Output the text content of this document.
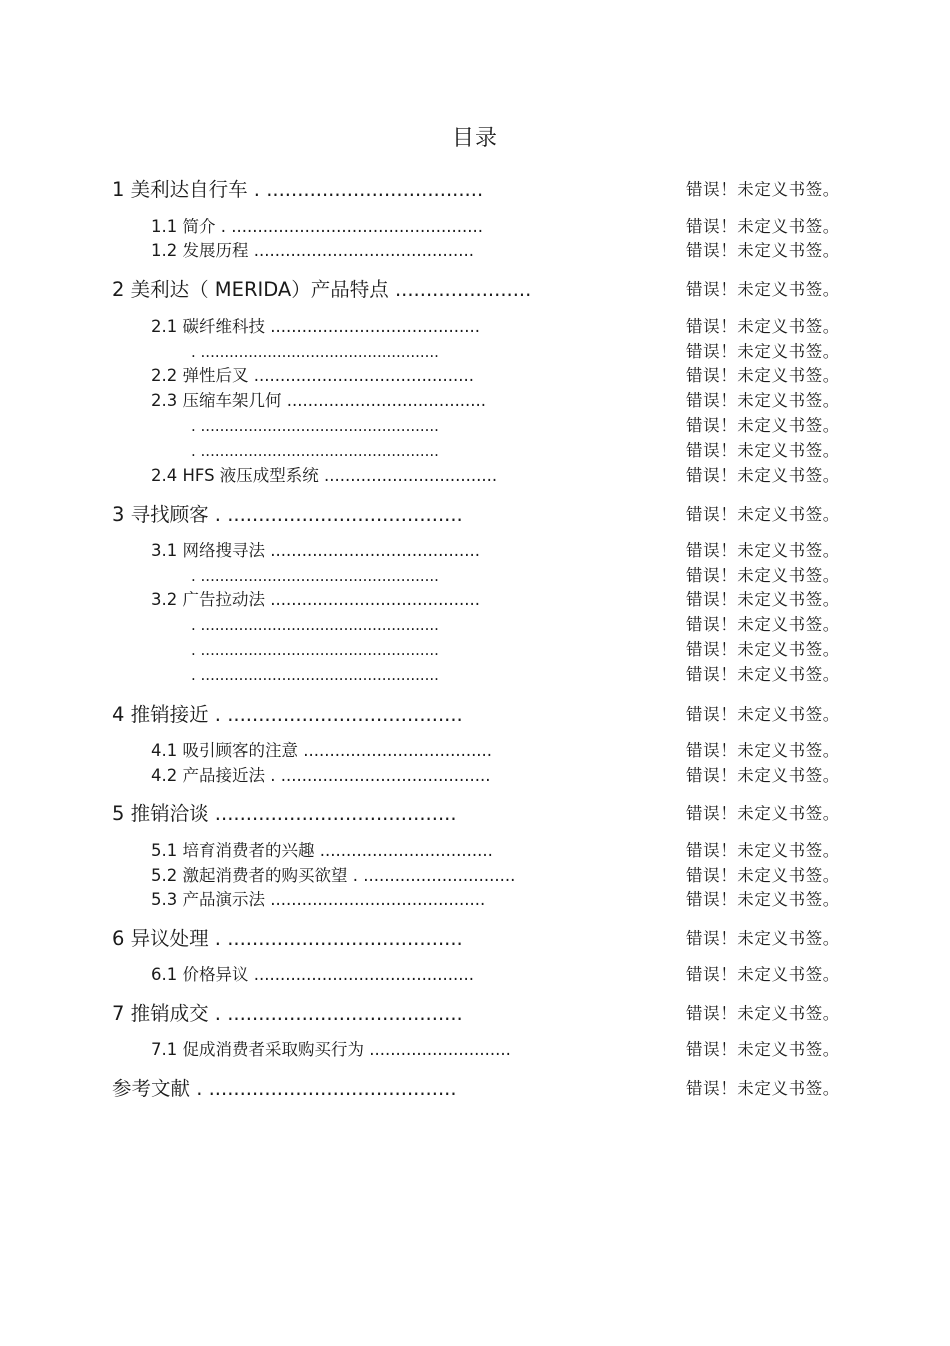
目录
1 美利达自行车 . ...................................	错误！未定义书签。
1.1 简介 . ................................................	错误！未定义书签。
1.2 发展历程 ..........................................	错误！未定义书签。
2 美利达（ MERIDA）产品特点 ......................	错误！未定义书签。
2.1 碳纤维科技 ........................................	错误！未定义书签。
. ..................................................	错误！未定义书签。
2.2 弹性后叉 ..........................................	错误！未定义书签。
2.3 压缩车架几何 ......................................	错误！未定义书签。
. ..................................................	错误！未定义书签。
. ..................................................	错误！未定义书签。
2.4 HFS 液压成型系统 .................................	错误！未定义书签。
3 寻找顾客 . ......................................	错误！未定义书签。
3.1 网络搜寻法 ........................................	错误！未定义书签。
. ..................................................	错误！未定义书签。
3.2 广告拉动法 ........................................	错误！未定义书签。
. ..................................................	错误！未定义书签。
. ..................................................	错误！未定义书签。
. ..................................................	错误！未定义书签。
4 推销接近 . ......................................	错误！未定义书签。
4.1 吸引顾客的注意 ....................................	错误！未定义书签。
4.2 产品接近法 . ........................................	错误！未定义书签。
5 推销洽谈 .......................................	错误！未定义书签。
5.1 培育消费者的兴趣 .................................	错误！未定义书签。
5.2 激起消费者的购买欲望 . .............................	错误！未定义书签。
5.3 产品演示法 .........................................	错误！未定义书签。
6 异议处理 . ......................................	错误！未定义书签。
6.1 价格异议 ..........................................	错误！未定义书签。
7 推销成交 . ......................................	错误！未定义书签。
7.1 促成消费者采取购买行为 ...........................	错误！未定义书签。
参考文献 . ........................................	错误！未定义书签。
